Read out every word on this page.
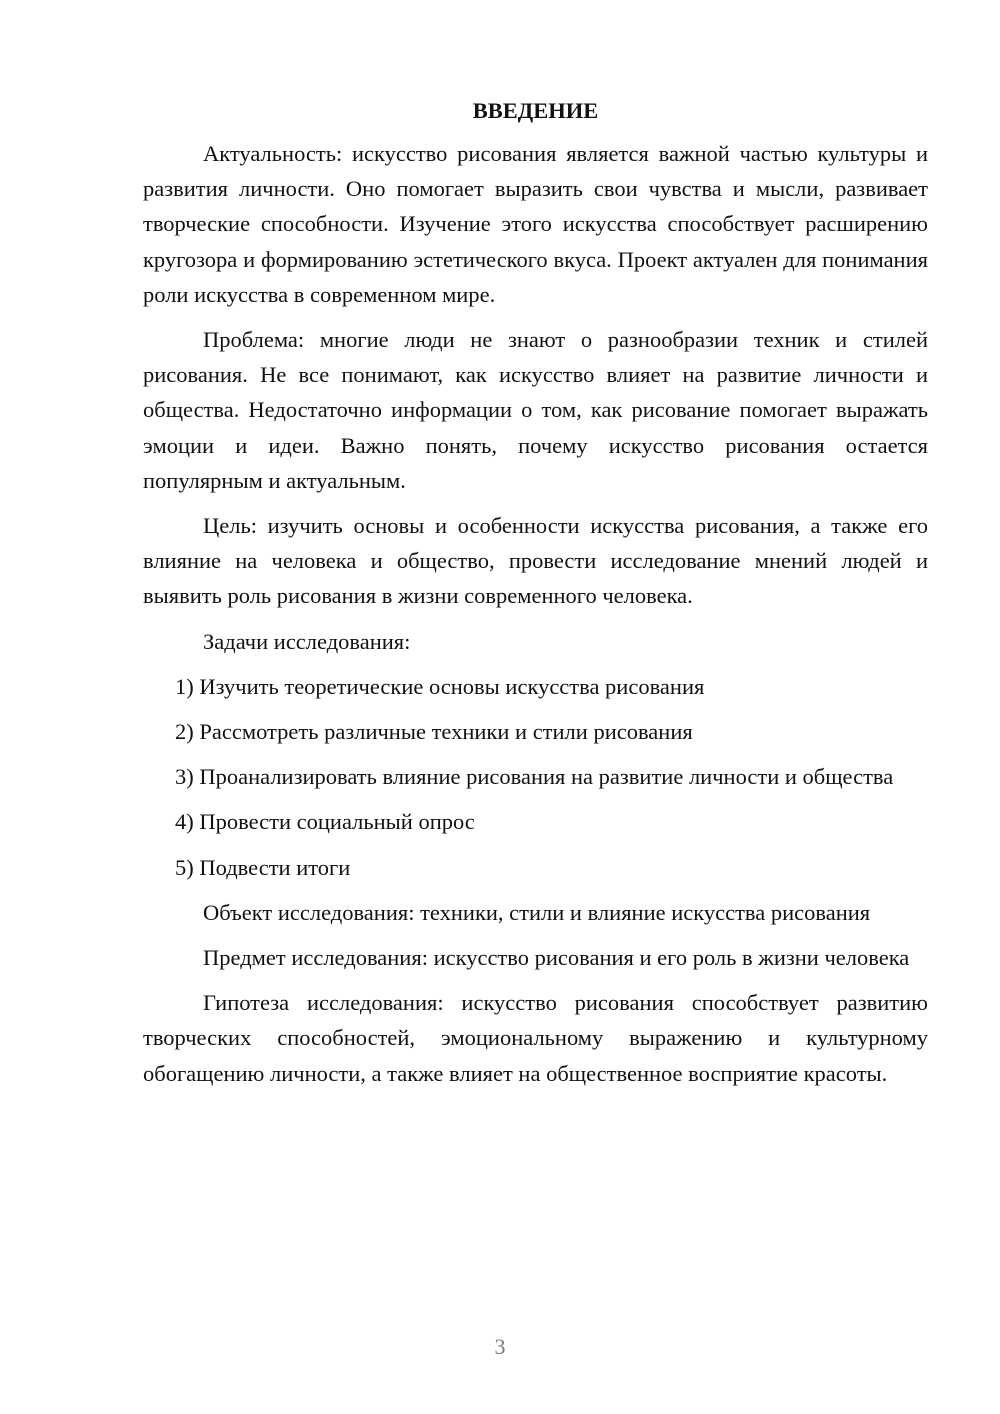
ВВЕДЕНИЕ

Актуальность: искусство рисования является важной частью культуры и развития личности. Оно помогает выразить свои чувства и мысли, развивает творческие способности. Изучение этого искусства способствует расширению кругозора и формированию эстетического вкуса. Проект актуален для понимания роли искусства в современном мире.

Проблема: многие люди не знают о разнообразии техник и стилей рисования. Не все понимают, как искусство влияет на развитие личности и общества. Недостаточно информации о том, как рисование помогает выражать эмоции и идеи. Важно понять, почему искусство рисования остается популярным и актуальным.

Цель: изучить основы и особенности искусства рисования, а также его влияние на человека и общество, провести исследование мнений людей и выявить роль рисования в жизни современного человека.

Задачи исследования:

1) Изучить теоретические основы искусства рисования

2) Рассмотреть различные техники и стили рисования

3) Проанализировать влияние рисования на развитие личности и общества

4) Провести социальный опрос

5) Подвести итоги

Объект исследования: техники, стили и влияние искусства рисования

Предмет исследования: искусство рисования и его роль в жизни человека

Гипотеза исследования: искусство рисования способствует развитию творческих способностей, эмоциональному выражению и культурному обогащению личности, а также влияет на общественное восприятие красоты.

3
